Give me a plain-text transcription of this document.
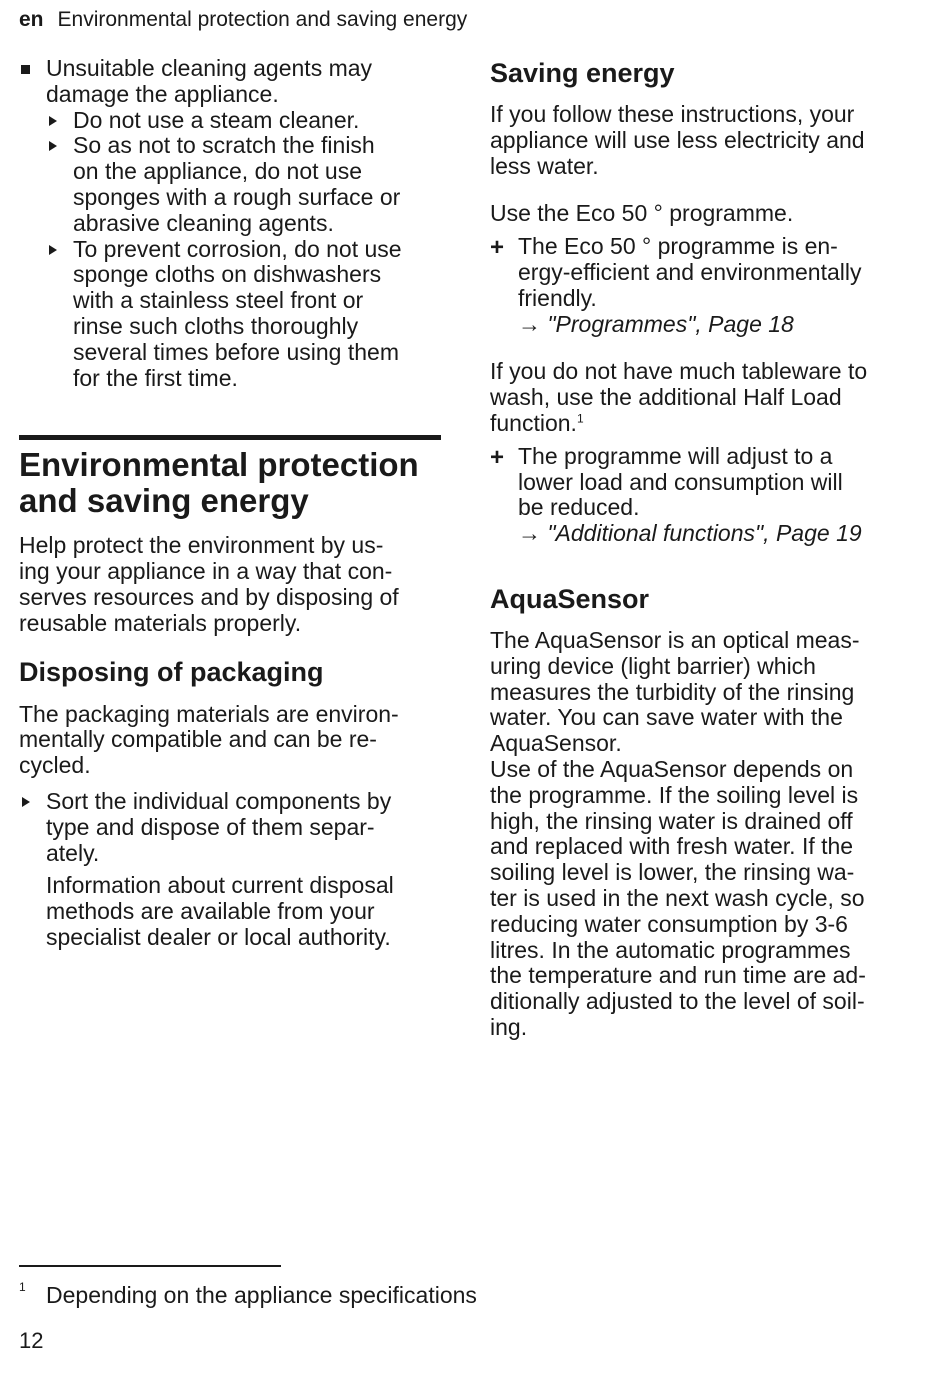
en Environmental protection and saving energy

Unsuitable cleaning agents may
damage the appliance.

Do not use a steam cleaner.

So as not to scratch the finish
on the appliance, do not use
sponges with a rough surface or
abrasive cleaning agents.

To prevent corrosion, do not use
sponge cloths on dishwashers
with a stainless steel front or
rinse such cloths thoroughly
several times before using them
for the first time.

Environmental protection
and saving energy

Help protect the environment by us-
ing your appliance in a way that con-
serves resources and by disposing of
reusable materials properly.

Disposing of packaging

The packaging materials are environ-
mentally compatible and can be re-
cycled.

Sort the individual components by
type and dispose of them separ-
ately.

Information about current disposal
methods are available from your
specialist dealer or local authority.

Saving energy

If you follow these instructions, your
appliance will use less electricity and
less water.

Use the Eco 50 ° programme.

+ The Eco 50 ° programme is en-
ergy-efficient and environmentally
friendly.

→ "Programmes", Page 18

If you do not have much tableware to
wash, use the additional Half Load
function.$^1$

+ The programme will adjust to a
lower load and consumption will
be reduced.

→ "Additional functions", Page 19

AquaSensor

The AquaSensor is an optical meas-
uring device (light barrier) which
measures the turbidity of the rinsing
water. You can save water with the
AquaSensor.

Use of the AquaSensor depends on
the programme. If the soiling level is
high, the rinsing water is drained off
and replaced with fresh water. If the
soiling level is lower, the rinsing wa-
ter is used in the next wash cycle, so
reducing water consumption by 3-6
litres. In the automatic programmes
the temperature and run time are ad-
ditionally adjusted to the level of soil-
ing.

1 Depending on the appliance specifications
12
